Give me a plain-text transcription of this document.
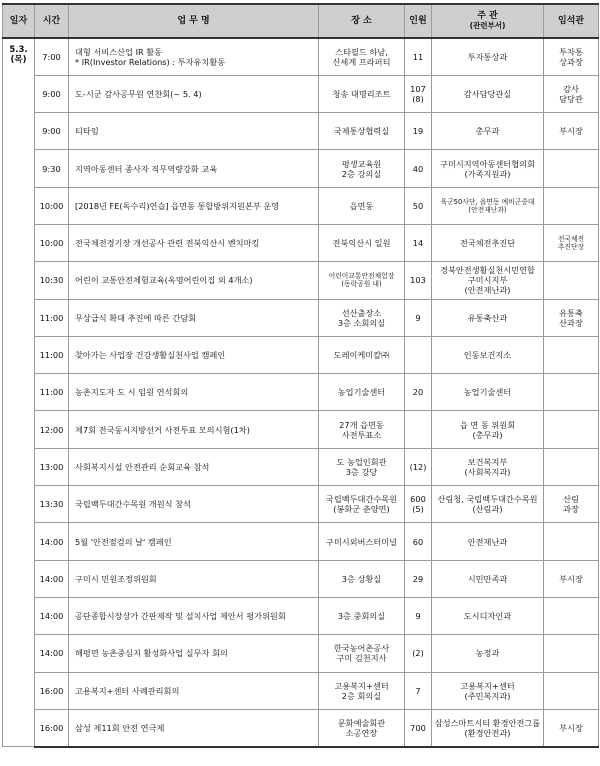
일자	시간	업 무 명	장 소	인원	주 관
(관련부서)	임석관

5.3.
(목)	7:00	대형 서비스산업 IR 활동
* IR(Investor Relations) : 투자유치활동	스타필드 하남,
신세계 프라퍼티	11	투자통상과	투자통
상과장

	9:00	도-시군 감사공무원 연찬회(~ 5. 4)	청송 대명리조트	107
(8)	감사담당관실	감사
담당관

	9:00	티타임	국제통상협력실	19	총무과	부시장

	9:30	지역아동센터 종사자 직무역량강화 교육	평생교육원
2층 강의실	40	구미시지역아동센터협의회
(가족지원과)	

	10:00	[2018년 FE(독수리)연습] 읍면동 통합방위지원본부 운영	읍면동	50	육군50사단, 읍면동 예비군중대
(안전재난과)	

	10:00	전국체전경기장 개선공사 관련 전북익산시 벤치마킹	전북익산시 일원	14	전국체전추진단	전국체전
추진단장

	10:30	어린이 교통안전체험교육(옥명어린이집 외 4개소)	어린이교통안전체험장
(동락공원 내)	103	경북안전생활실천시민연합
구미시지부
(안전재난과)	

	11:00	무상급식 확대 추진에 따른 간담회	선산출장소
3층 소회의실	9	유통축산과	유통축
산과장

	11:00	찾아가는 사업장 건강생활실천사업 캠페인	도레이케미칼㈜		인동보건지소	

	11:00	농촌지도자 도 시 임원 연석회의	농업기술센터	20	농업기술센터	

	12:00	제7회 전국동시지방선거 사전투표 모의시험(1차)	27개 읍면동
사전투표소		읍 면 동 위원회
(총무과)	

	13:00	사회복지시설 안전관리 순회교육 참석	도 농업인회관
3층 강당	(12)	보건복지부
(사회복지과)	

	13:30	국립백두대간수목원 개원식 참석	국립백두대간수목원
(봉화군 춘양면)	600
(5)	산림청, 국립백두대간수목원
(산림과)	산림
과장

	14:00	5월 '안전점검의 날' 캠페인	구미시외버스터미널	60	안전재난과	

	14:00	구미시 민원조정위원회	3층 상황실	29	시민만족과	부시장

	14:00	공단종합시장상가 간판제작 및 설치사업 제안서 평가위원회	3층 중회의실	9	도시디자인과	

	14:00	해평면 농촌중심지 활성화사업 실무자 회의	한국농어촌공사
구미 김천지사	(2)	농정과	

	16:00	고용복지+센터 사례관리회의	고용복지+센터
2층 회의실	7	고용복지+센터
(주민복지과)	

	16:00	삼성 제11회 안전 연극제	문화예술회관
소공연장	700	삼성스마트시티 환경안전그룹
(환경안전과)	부시장
